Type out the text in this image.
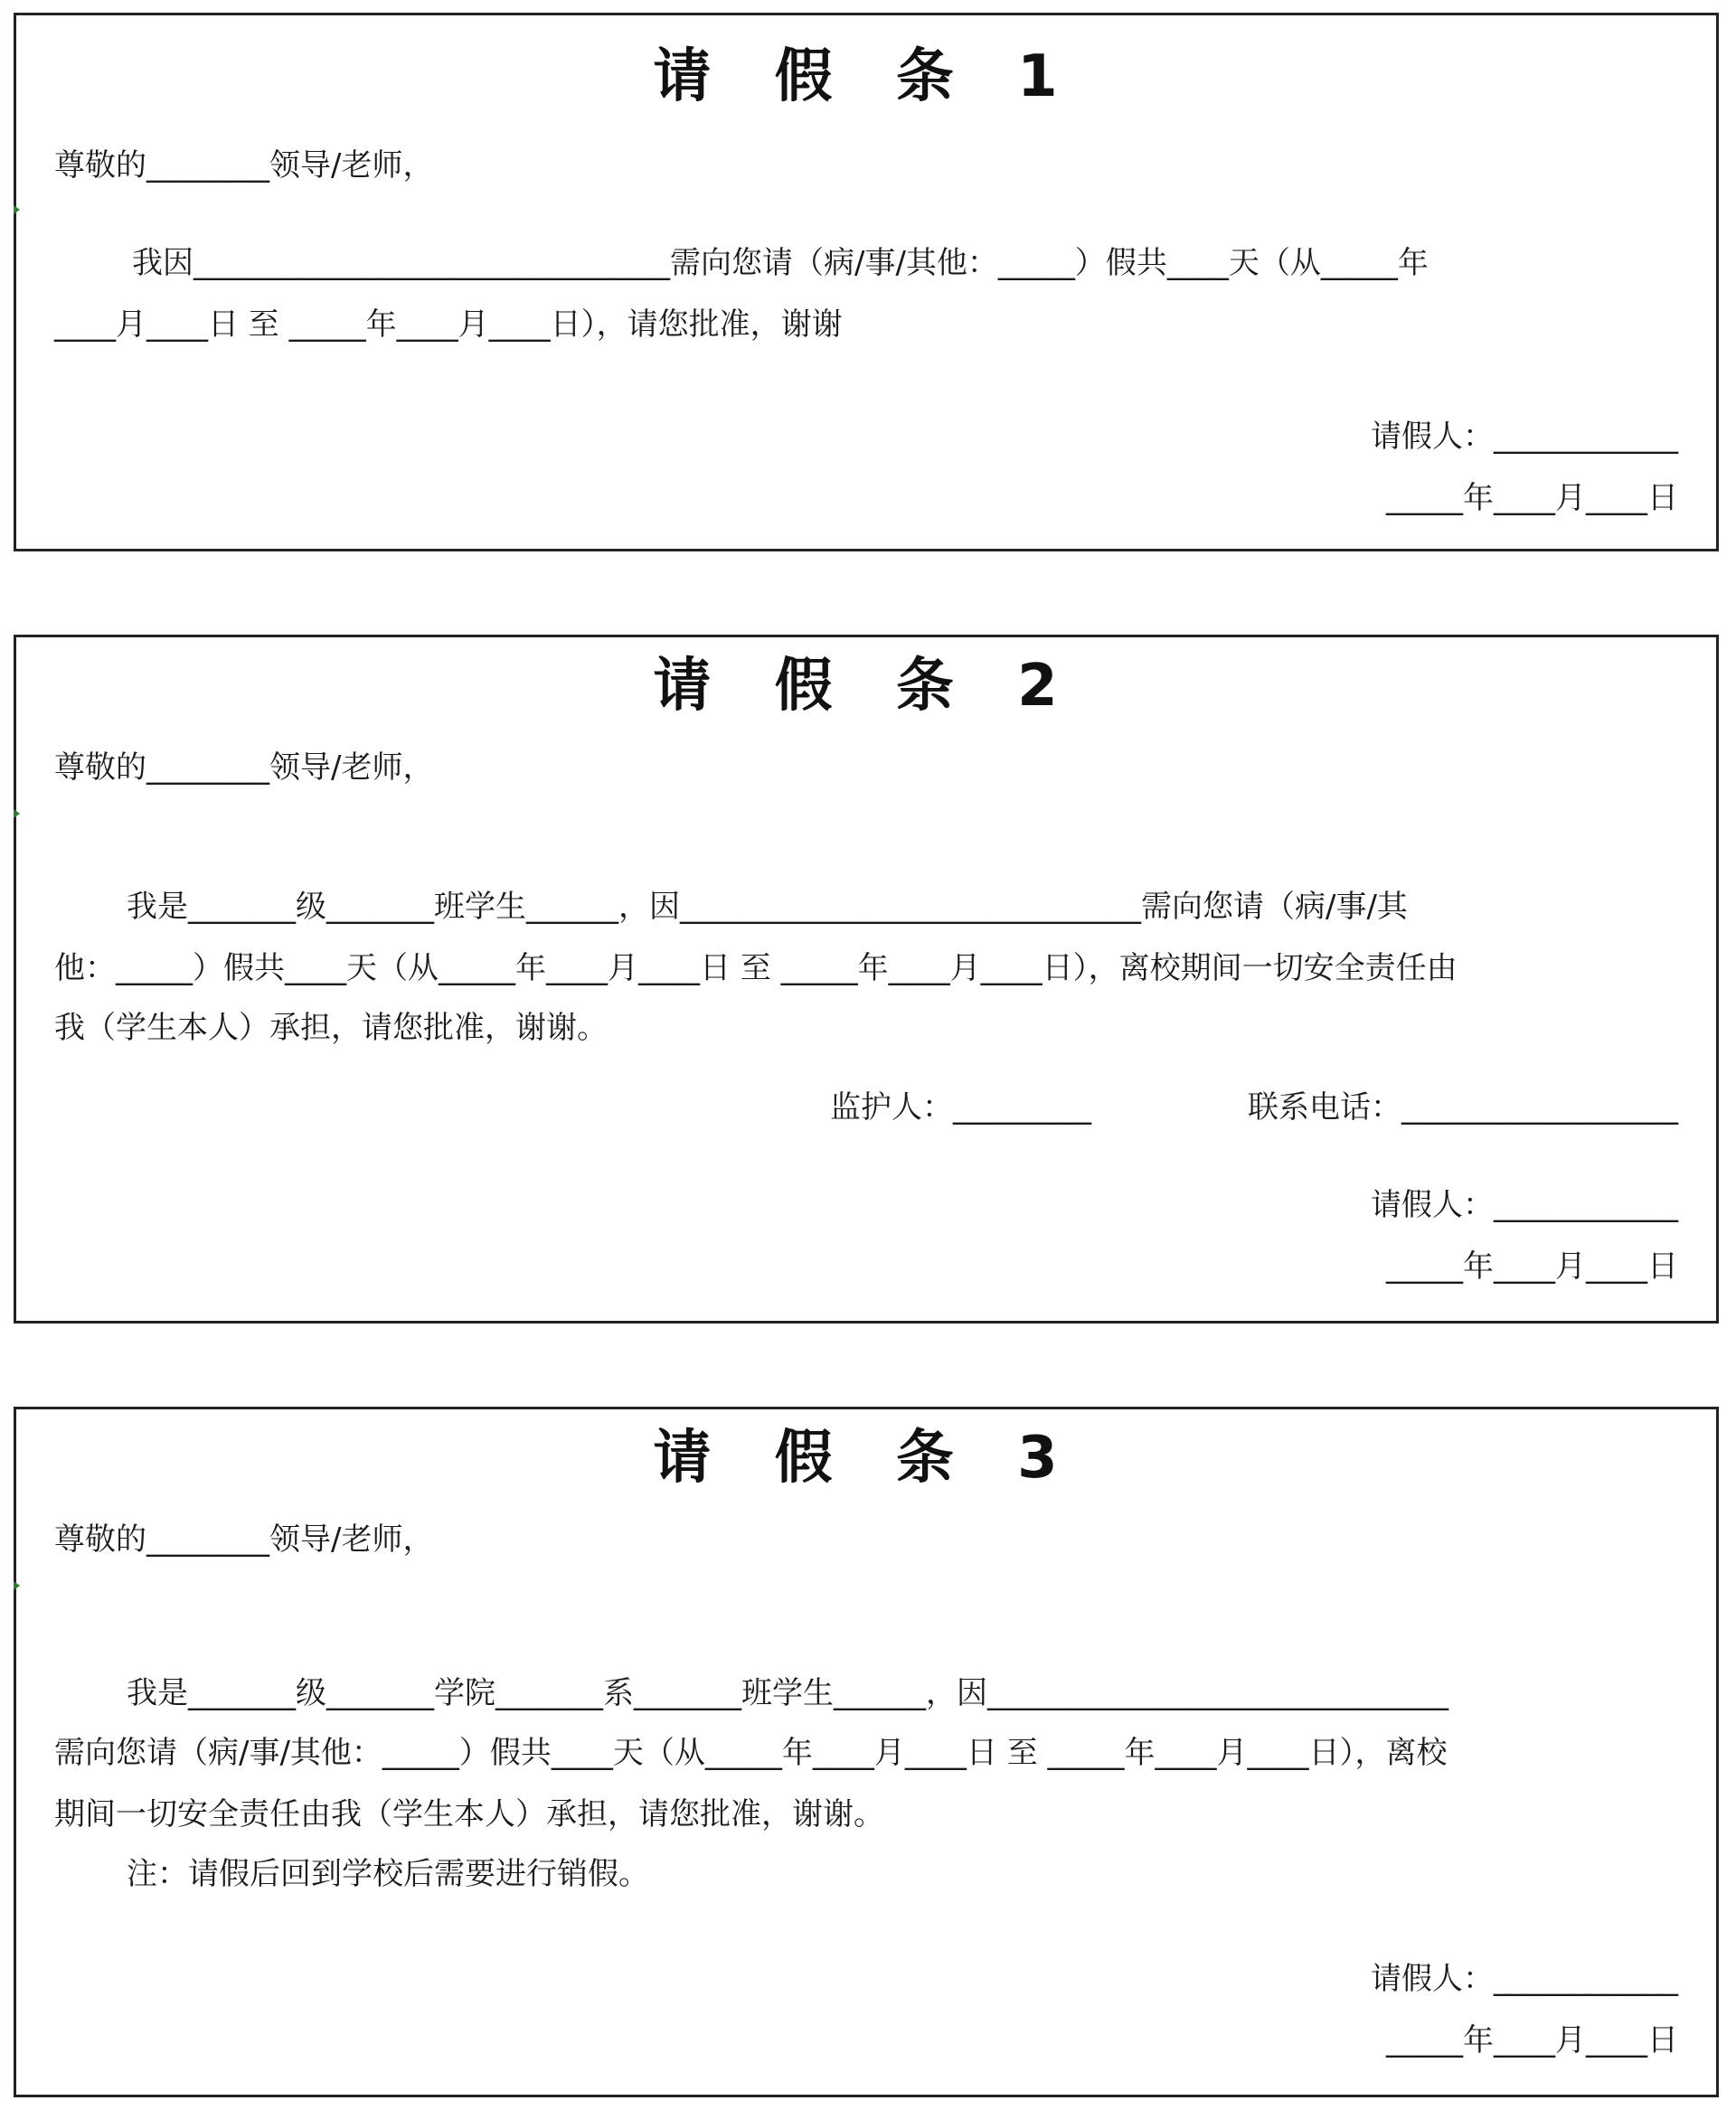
请 假 条 1
尊敬的________领导/老师，
我因_______________________________需向您请（病/事/其他：_____）假共____天（从_____年
____月____日 至 _____年____月____日），请您批准，谢谢
请假人：____________
_____年____月____日
请 假 条 2
尊敬的________领导/老师，
我是_______级_______班学生______，因______________________________需向您请（病/事/其
他：_____）假共____天（从_____年____月____日 至 _____年____月____日），离校期间一切安全责任由
我（学生本人）承担，请您批准，谢谢。
监护人：_________	联系电话：__________________
请假人：____________
_____年____月____日
请 假 条 3
尊敬的________领导/老师，
我是_______级_______学院_______系_______班学生______，因______________________________
需向您请（病/事/其他：_____）假共____天（从_____年____月____日 至 _____年____月____日），离校
期间一切安全责任由我（学生本人）承担，请您批准，谢谢。
注：请假后回到学校后需要进行销假。
请假人：____________
_____年____月____日
